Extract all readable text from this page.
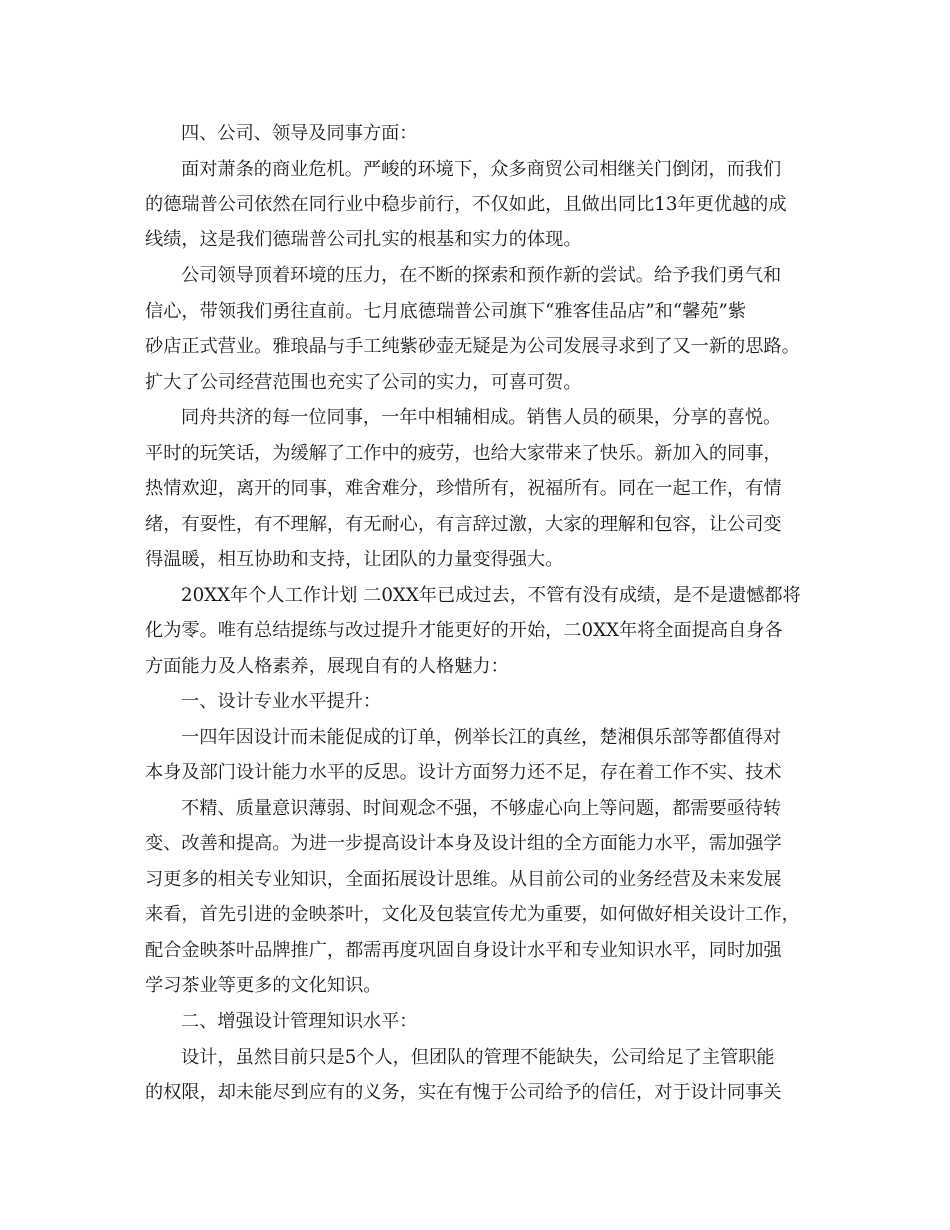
四、公司、领导及同事方面：
面对萧条的商业危机。严峻的环境下，众多商贸公司相继关门倒闭，而我们
的德瑞普公司依然在同行业中稳步前行，不仅如此，且做出同比13年更优越的成
线绩，这是我们德瑞普公司扎实的根基和实力的体现。
公司领导顶着环境的压力，在不断的探索和预作新的尝试。给予我们勇气和
信心，带领我们勇往直前。七月底德瑞普公司旗下“雅客佳品店”和“馨苑”紫
砂店正式营业。雅琅晶与手工纯紫砂壶无疑是为公司发展寻求到了又一新的思路。
扩大了公司经营范围也充实了公司的实力，可喜可贺。
同舟共济的每一位同事，一年中相辅相成。销售人员的硕果，分享的喜悦。
平时的玩笑话，为缓解了工作中的疲劳，也给大家带来了快乐。新加入的同事，
热情欢迎，离开的同事，难舍难分，珍惜所有，祝福所有。同在一起工作，有情
绪，有耍性，有不理解，有无耐心，有言辞过激，大家的理解和包容，让公司变
得温暖，相互协助和支持，让团队的力量变得强大。
20XX年个人工作计划 二0XX年已成过去，不管有没有成绩，是不是遗憾都将
化为零。唯有总结提练与改过提升才能更好的开始，二0XX年将全面提高自身各
方面能力及人格素养，展现自有的人格魅力：
一、设计专业水平提升：
一四年因设计而未能促成的订单，例举长江的真丝，楚湘俱乐部等都值得对
本身及部门设计能力水平的反思。设计方面努力还不足，存在着工作不实、技术
不精、质量意识薄弱、时间观念不强，不够虚心向上等问题，都需要亟待转
变、改善和提高。为进一步提高设计本身及设计组的全方面能力水平，需加强学
习更多的相关专业知识，全面拓展设计思维。从目前公司的业务经营及未来发展
来看，首先引进的金映茶叶，文化及包装宣传尤为重要，如何做好相关设计工作，
配合金映茶叶品牌推广，都需再度巩固自身设计水平和专业知识水平，同时加强
学习茶业等更多的文化知识。
二、增强设计管理知识水平：
设计，虽然目前只是5个人，但团队的管理不能缺失，公司给足了主管职能
的权限，却未能尽到应有的义务，实在有愧于公司给予的信任，对于设计同事关
